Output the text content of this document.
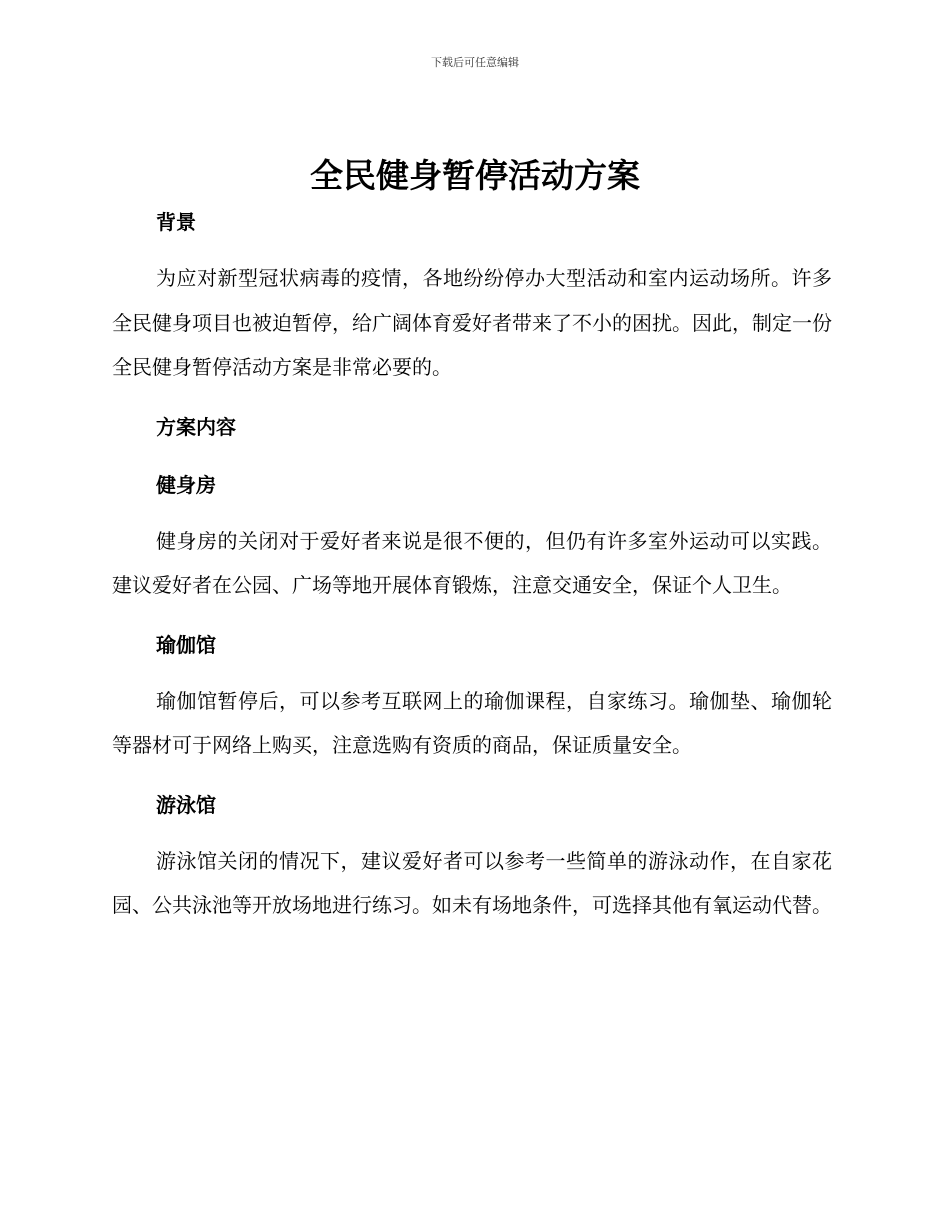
下载后可任意编辑
全民健身暂停活动方案
背景

为应对新型冠状病毒的疫情，各地纷纷停办大型活动和室内运动场所。许多全民健身项目也被迫暂停，给广阔体育爱好者带来了不小的困扰。因此，制定一份全民健身暂停活动方案是非常必要的。

方案内容
健身房

健身房的关闭对于爱好者来说是很不便的，但仍有许多室外运动可以实践。建议爱好者在公园、广场等地开展体育锻炼，注意交通安全，保证个人卫生。

瑜伽馆

瑜伽馆暂停后，可以参考互联网上的瑜伽课程，自家练习。瑜伽垫、瑜伽轮等器材可于网络上购买，注意选购有资质的商品，保证质量安全。

游泳馆

游泳馆关闭的情况下，建议爱好者可以参考一些简单的游泳动作，在自家花园、公共泳池等开放场地进行练习。如未有场地条件，可选择其他有氧运动代替。
